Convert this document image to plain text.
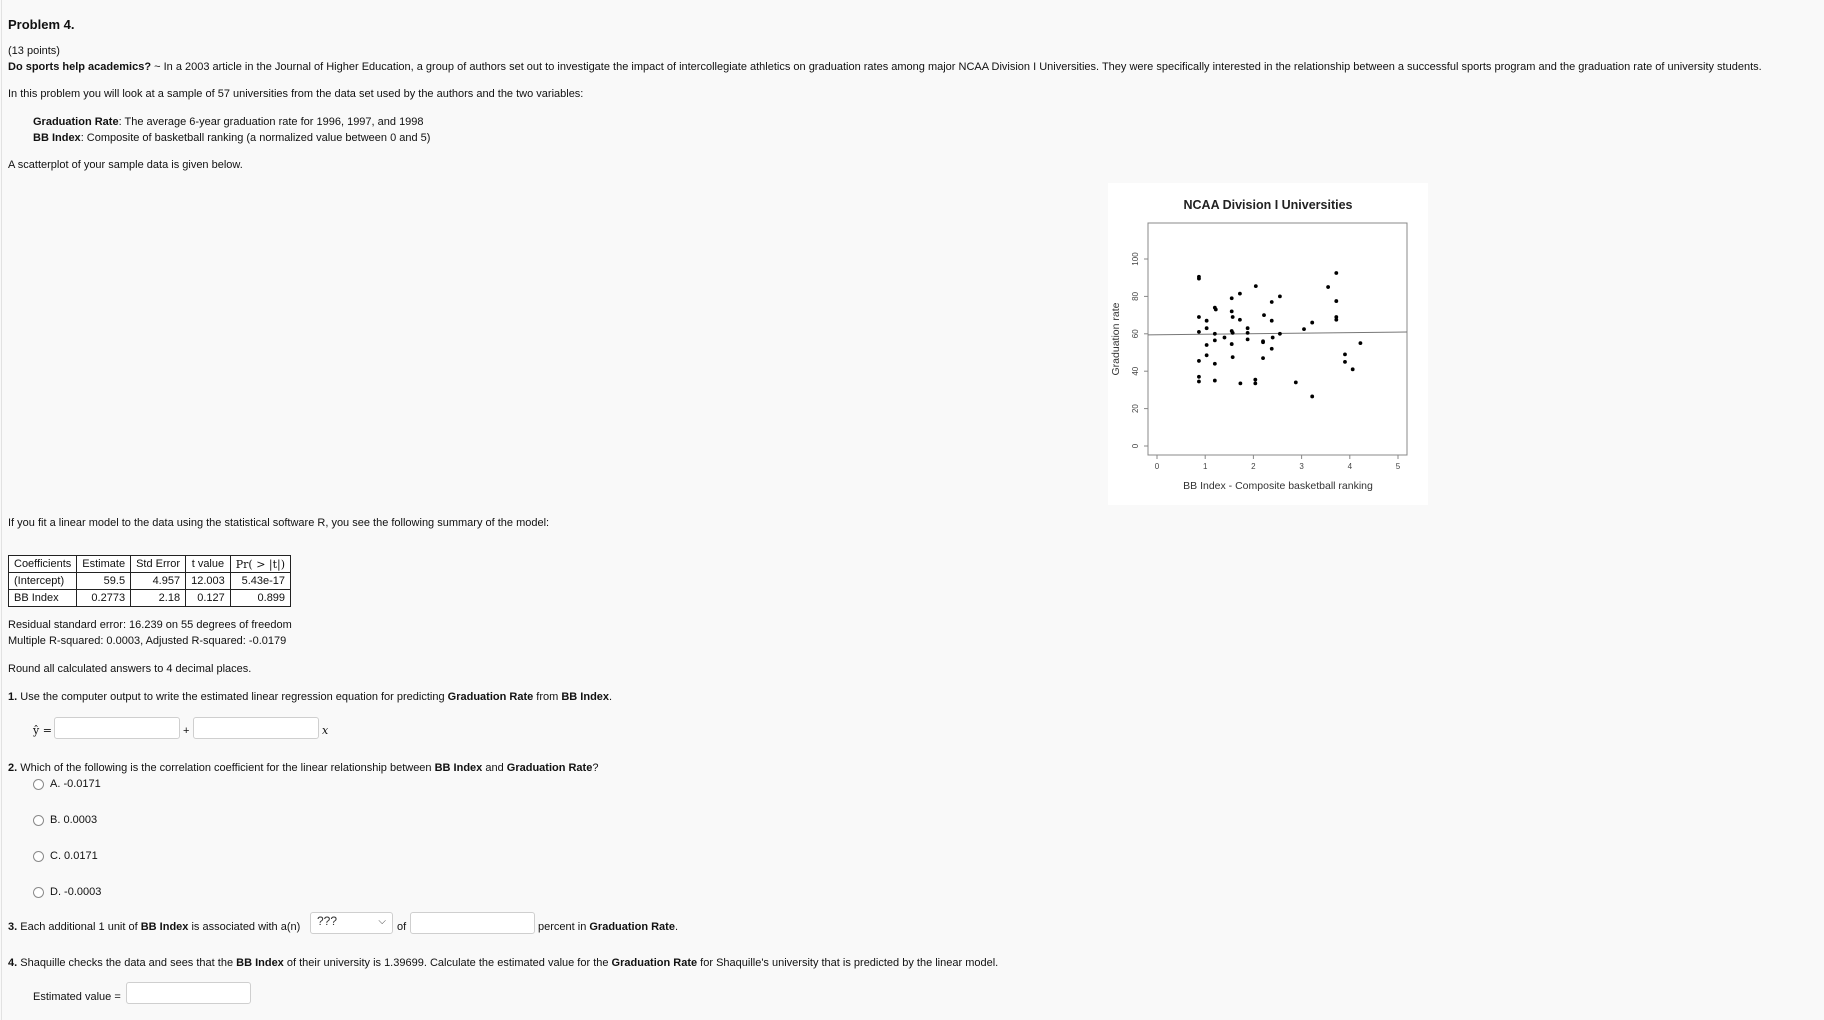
Problem 4.
(13 points)
Do sports help academics? ~ In a 2003 article in the Journal of Higher Education, a group of authors set out to investigate the impact of intercollegiate athletics on graduation rates among major NCAA Division I Universities. They were specifically interested in the relationship between a successful sports program and the graduation rate of university students.
In this problem you will look at a sample of 57 universities from the data set used by the authors and the two variables:
Graduation Rate: The average 6-year graduation rate for 1996, 1997, and 1998
BB Index: Composite of basketball ranking (a normalized value between 0 and 5)
A scatterplot of your sample data is given below.
NCAA Division I Universities
0	1	2	3	4	5
0
20
40
60
80
100
BB Index - Composite basketball ranking
Graduation rate
If you fit a linear model to the data using the statistical software R, you see the following summary of the model:
Coefficients	Estimate	Std Error	t value	Pr( > |t|)
(Intercept)	59.5	4.957	12.003	5.43e-17
BB Index	0.2773	2.18	0.127	0.899
Residual standard error: 16.239 on 55 degrees of freedom
Multiple R-squared: 0.0003, Adjusted R-squared: -0.0179
Round all calculated answers to 4 decimal places.
1. Use the computer output to write the estimated linear regression equation for predicting Graduation Rate from BB Index.
ŷ =	+	x
2. Which of the following is the correlation coefficient for the linear relationship between BB Index and Graduation Rate?
A. -0.0171
B. 0.0003
C. 0.0171
D. -0.0003
3. Each additional 1 unit of BB Index is associated with a(n)	???	⌵ of	percent in Graduation Rate.
4. Shaquille checks the data and sees that the BB Index of their university is 1.39699. Calculate the estimated value for the Graduation Rate for Shaquille's university that is predicted by the linear model.
Estimated value =
